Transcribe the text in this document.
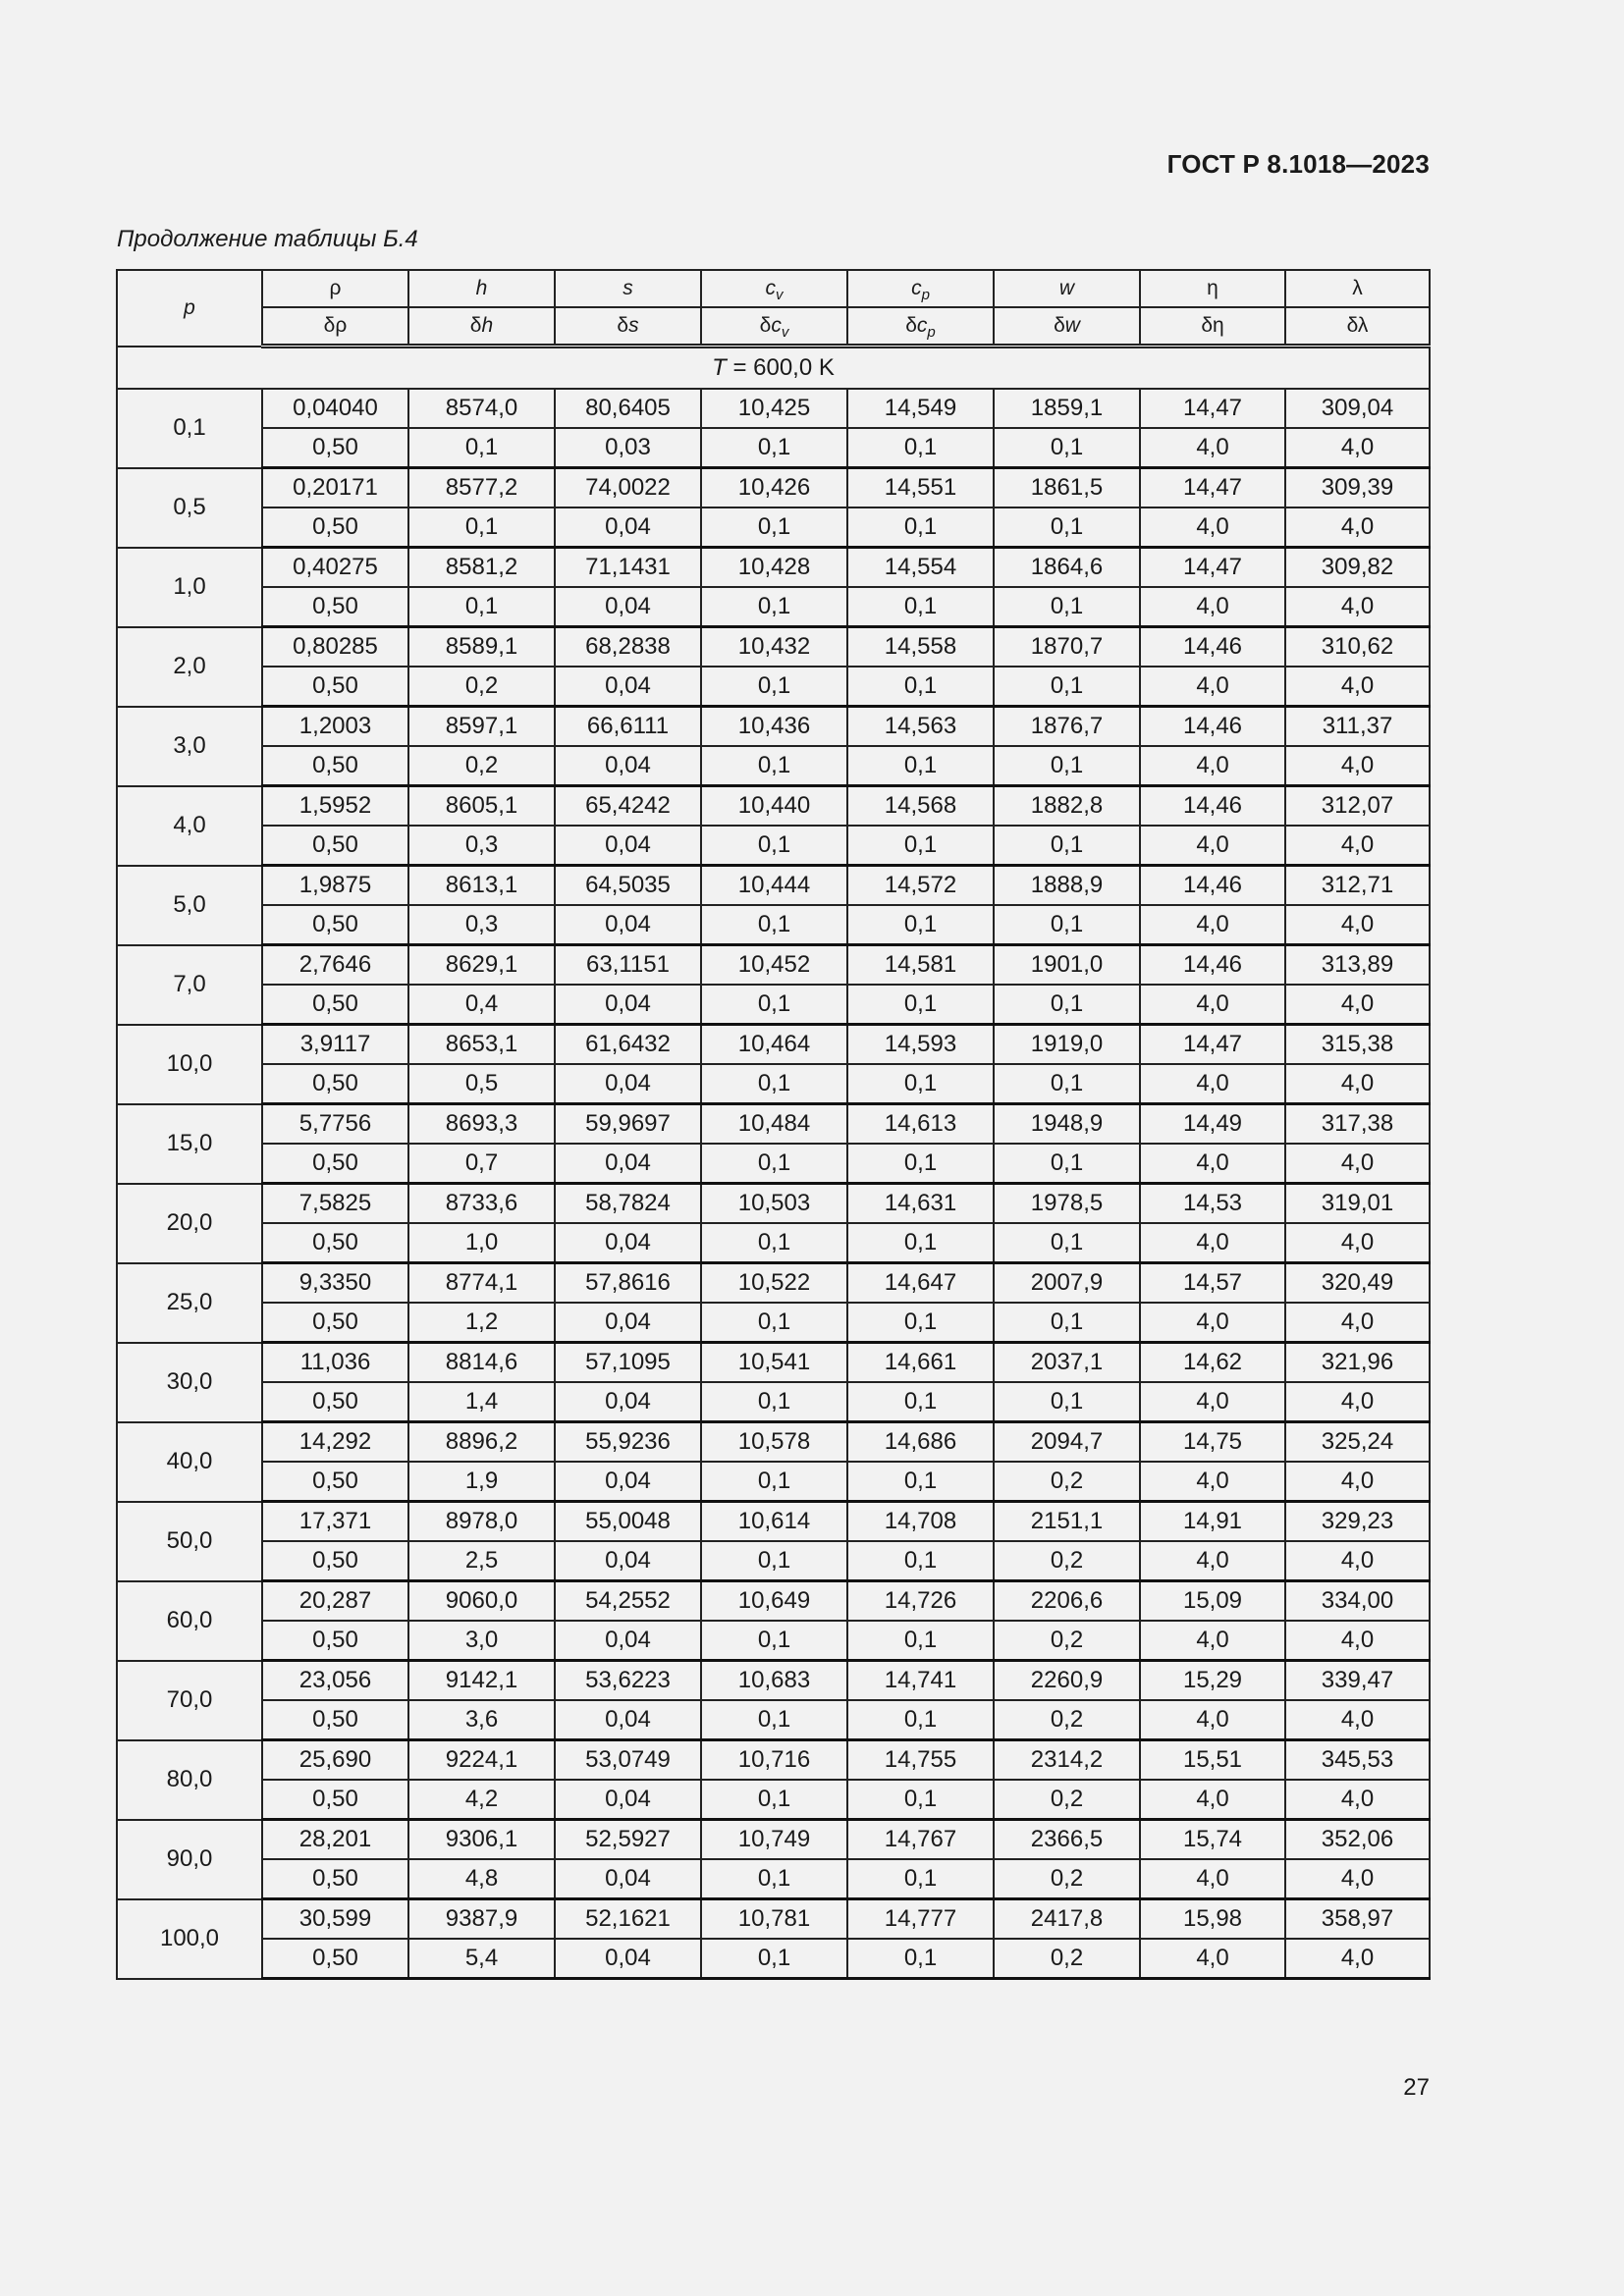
ГОСТ Р 8.1018—2023
Продолжение таблицы Б.4
p	ρ	h	s	$c_v$	$c_p$	w	η	λ
	δρ	δh	δs	$\delta c_v$	$\delta c_p$	δw	δη	δλ
T = 600,0 K								
0,1	0,04040	8574,0	80,6405	10,425	14,549	1859,1	14,47	309,04
	0,50	0,1	0,03	0,1	0,1	0,1	4,0	4,0
0,5	0,20171	8577,2	74,0022	10,426	14,551	1861,5	14,47	309,39
	0,50	0,1	0,04	0,1	0,1	0,1	4,0	4,0
1,0	0,40275	8581,2	71,1431	10,428	14,554	1864,6	14,47	309,82
	0,50	0,1	0,04	0,1	0,1	0,1	4,0	4,0
2,0	0,80285	8589,1	68,2838	10,432	14,558	1870,7	14,46	310,62
	0,50	0,2	0,04	0,1	0,1	0,1	4,0	4,0
3,0	1,2003	8597,1	66,6111	10,436	14,563	1876,7	14,46	311,37
	0,50	0,2	0,04	0,1	0,1	0,1	4,0	4,0
4,0	1,5952	8605,1	65,4242	10,440	14,568	1882,8	14,46	312,07
	0,50	0,3	0,04	0,1	0,1	0,1	4,0	4,0
5,0	1,9875	8613,1	64,5035	10,444	14,572	1888,9	14,46	312,71
	0,50	0,3	0,04	0,1	0,1	0,1	4,0	4,0
7,0	2,7646	8629,1	63,1151	10,452	14,581	1901,0	14,46	313,89
	0,50	0,4	0,04	0,1	0,1	0,1	4,0	4,0
10,0	3,9117	8653,1	61,6432	10,464	14,593	1919,0	14,47	315,38
	0,50	0,5	0,04	0,1	0,1	0,1	4,0	4,0
15,0	5,7756	8693,3	59,9697	10,484	14,613	1948,9	14,49	317,38
	0,50	0,7	0,04	0,1	0,1	0,1	4,0	4,0
20,0	7,5825	8733,6	58,7824	10,503	14,631	1978,5	14,53	319,01
	0,50	1,0	0,04	0,1	0,1	0,1	4,0	4,0
25,0	9,3350	8774,1	57,8616	10,522	14,647	2007,9	14,57	320,49
	0,50	1,2	0,04	0,1	0,1	0,1	4,0	4,0
30,0	11,036	8814,6	57,1095	10,541	14,661	2037,1	14,62	321,96
	0,50	1,4	0,04	0,1	0,1	0,1	4,0	4,0
40,0	14,292	8896,2	55,9236	10,578	14,686	2094,7	14,75	325,24
	0,50	1,9	0,04	0,1	0,1	0,2	4,0	4,0
50,0	17,371	8978,0	55,0048	10,614	14,708	2151,1	14,91	329,23
	0,50	2,5	0,04	0,1	0,1	0,2	4,0	4,0
60,0	20,287	9060,0	54,2552	10,649	14,726	2206,6	15,09	334,00
	0,50	3,0	0,04	0,1	0,1	0,2	4,0	4,0
70,0	23,056	9142,1	53,6223	10,683	14,741	2260,9	15,29	339,47
	0,50	3,6	0,04	0,1	0,1	0,2	4,0	4,0
80,0	25,690	9224,1	53,0749	10,716	14,755	2314,2	15,51	345,53
	0,50	4,2	0,04	0,1	0,1	0,2	4,0	4,0
90,0	28,201	9306,1	52,5927	10,749	14,767	2366,5	15,74	352,06
	0,50	4,8	0,04	0,1	0,1	0,2	4,0	4,0
100,0	30,599	9387,9	52,1621	10,781	14,777	2417,8	15,98	358,97
	0,50	5,4	0,04	0,1	0,1	0,2	4,0	4,0
27
